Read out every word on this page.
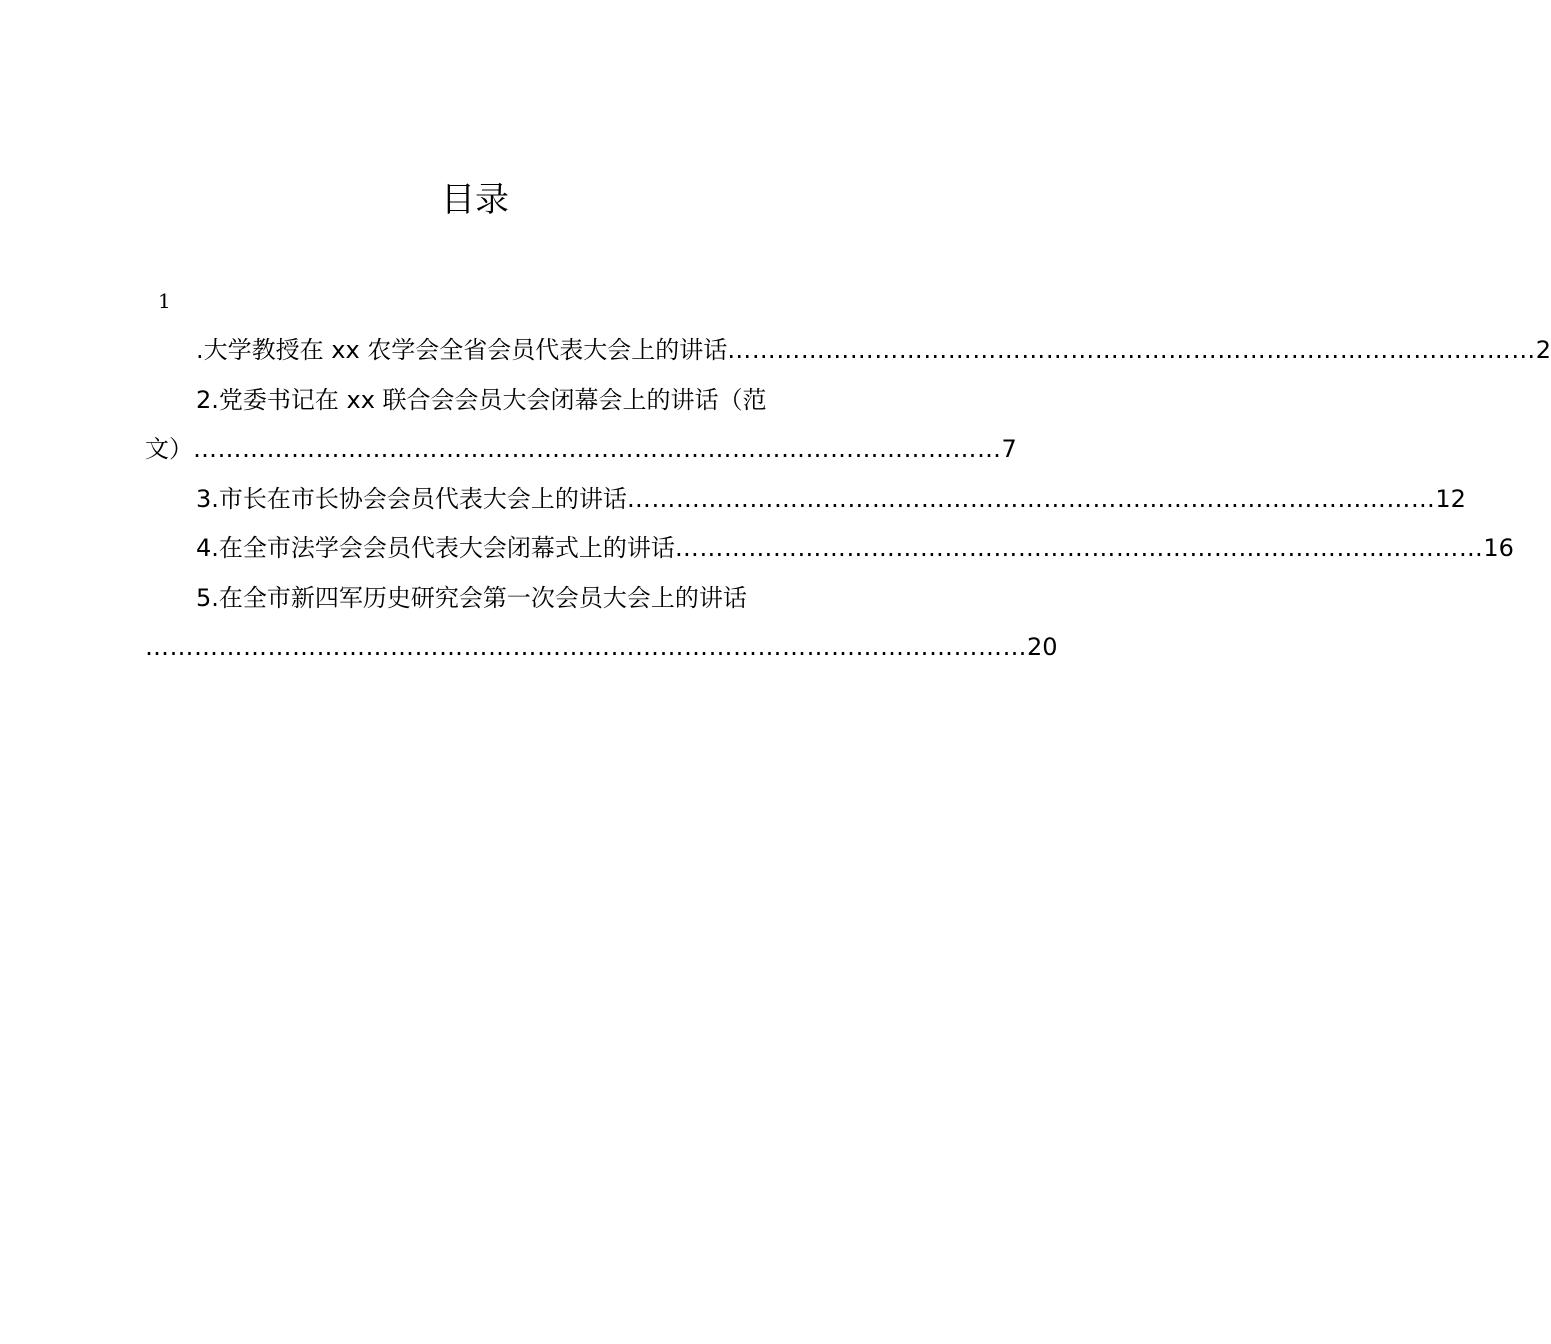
目录
1
.大学教授在 xx 农学会全省会员代表大会上的讲话 ……………………………………………………………………………………… 2
2.党委书记在 xx 联合会会员大会闭幕会上的讲话（范
文） ……………………………………………………………………………………… 7
3.市长在市长协会会员代表大会上的讲话 ……………………………………………………………………………………… 12
4.在全市法学会会员代表大会闭幕式上的讲话 ……………………………………………………………………………………… 16
5.在全市新四军历史研究会第一次会员大会上的讲话
……………………………………………………………………………………………… 20
